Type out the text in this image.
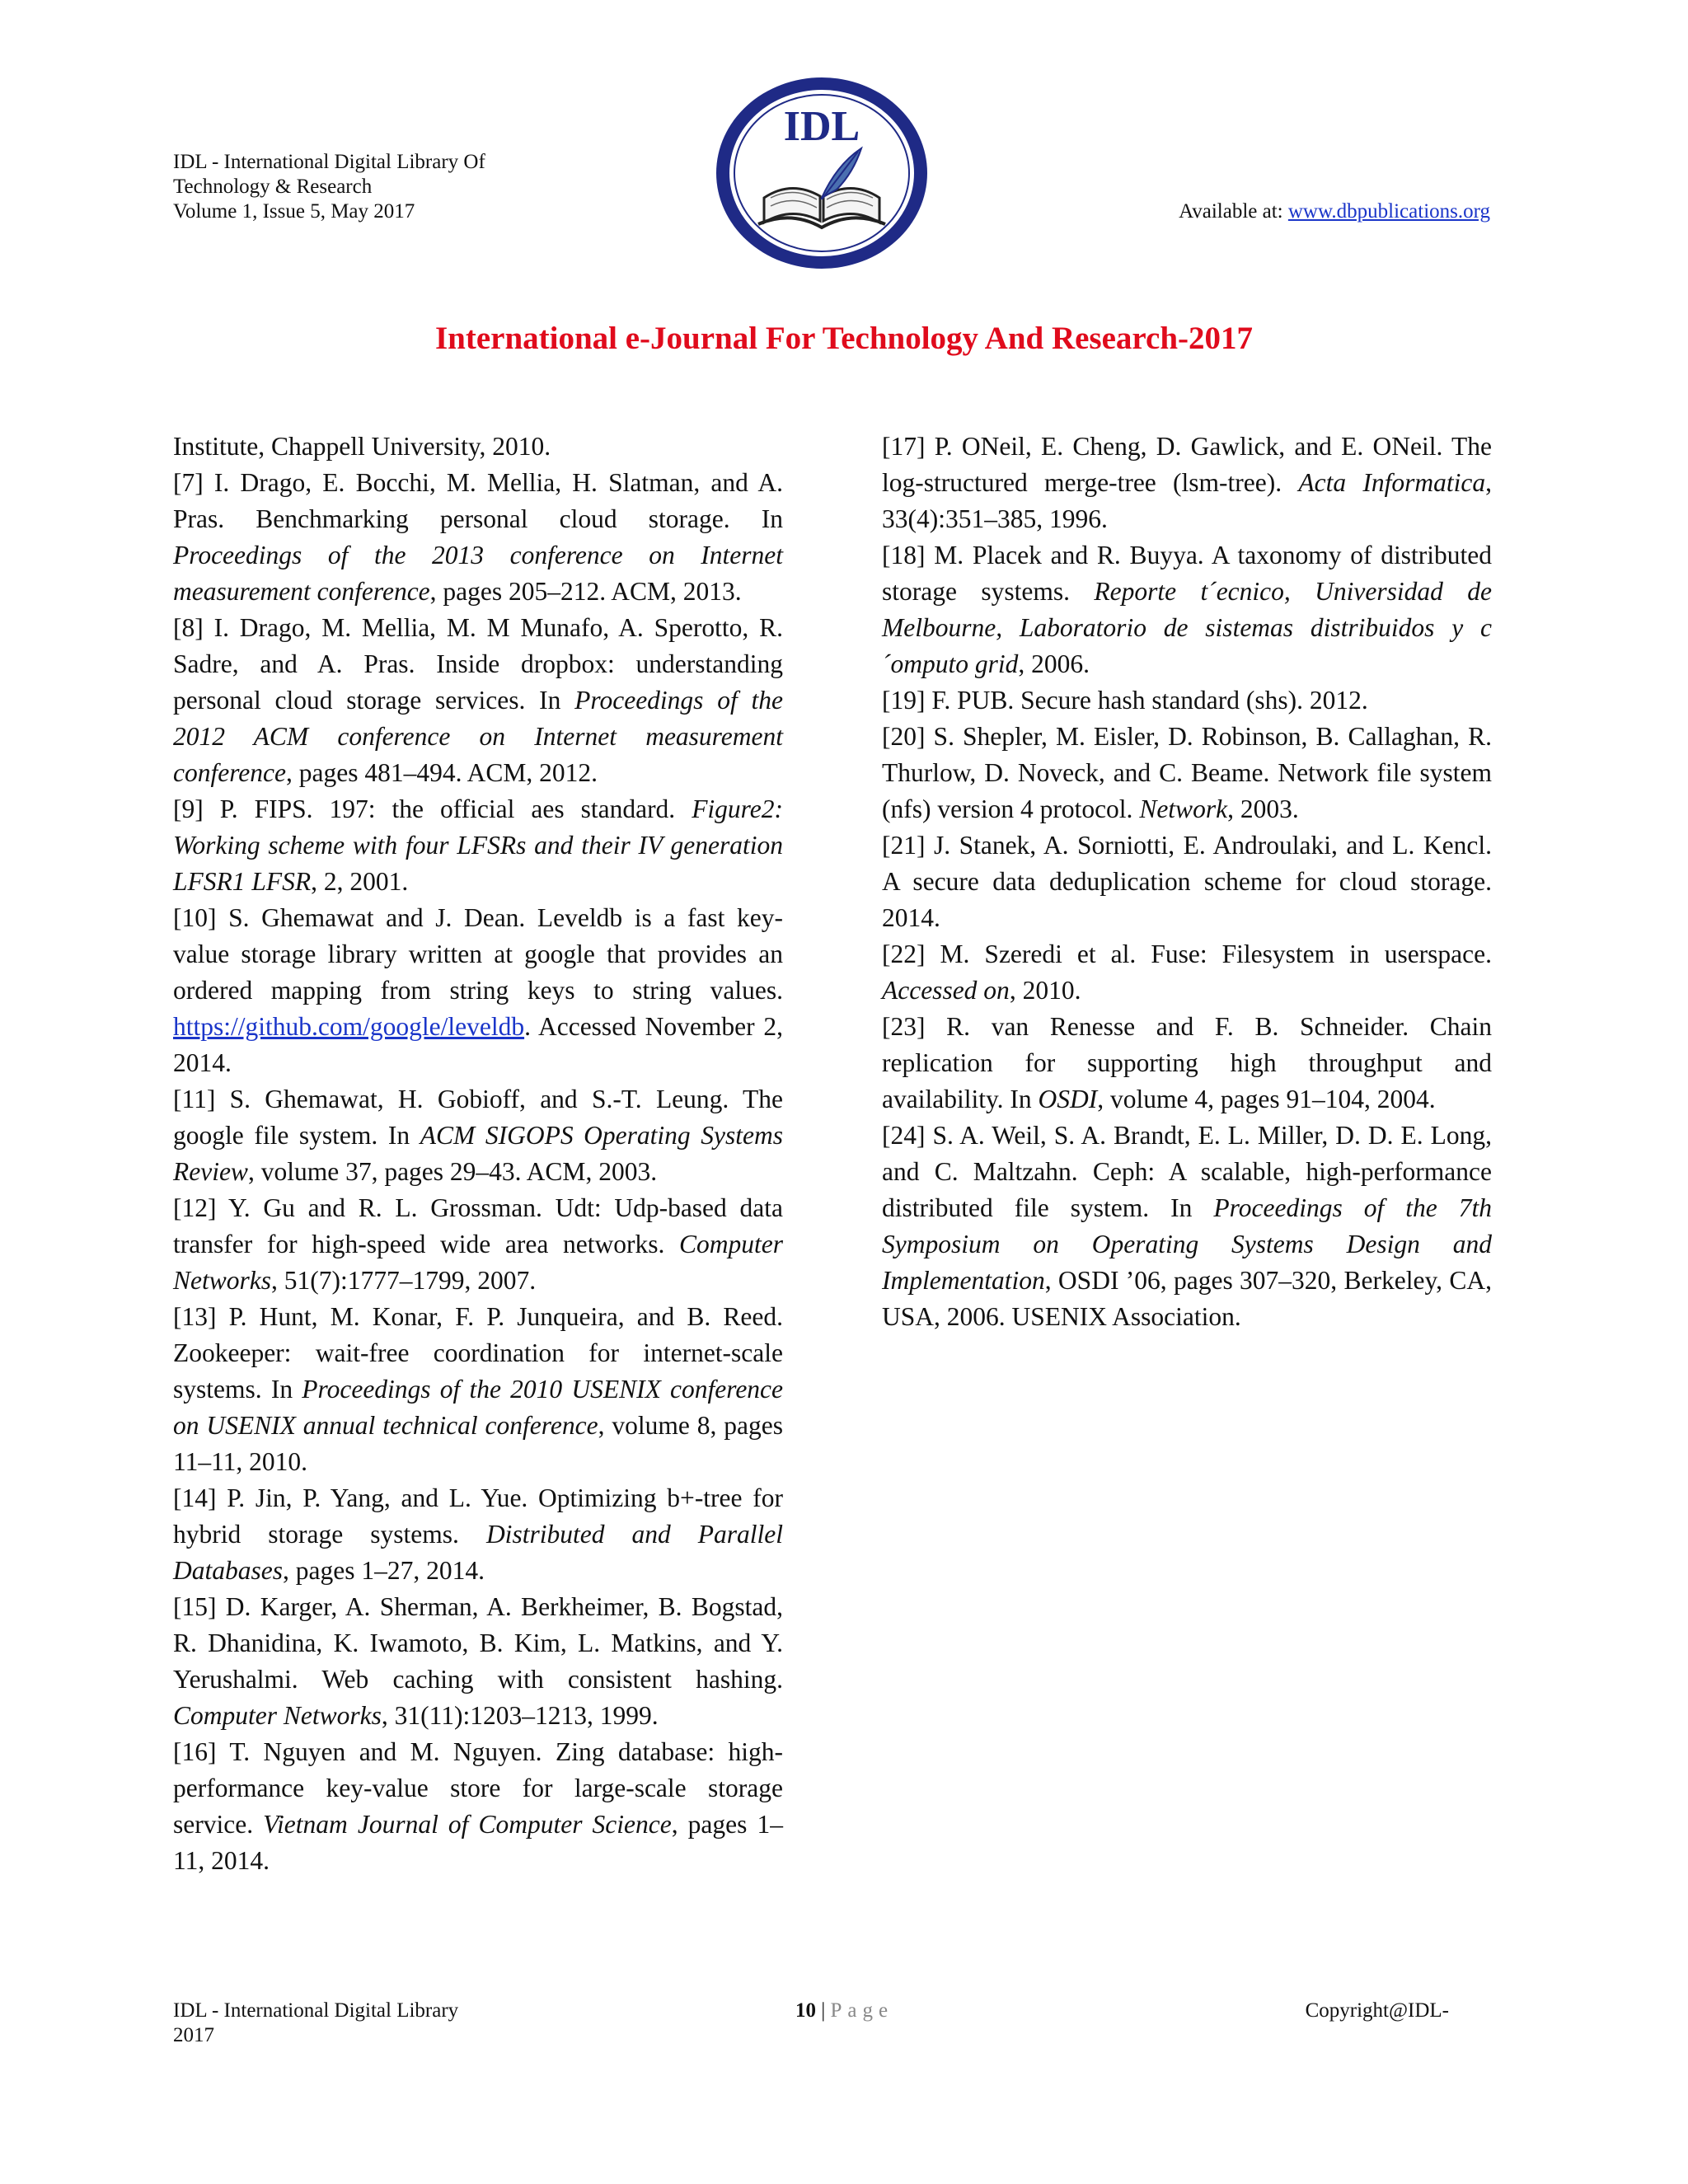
IDL - International Digital Library Of
Technology & Research
Volume 1, Issue 5, May 2017
IDL
Available at: www.dbpublications.org
International e-Journal For Technology And Research-2017

Institute, Chappell University, 2010.

[7] I. Drago, E. Bocchi, M. Mellia, H. Slatman, and A. Pras. Benchmarking personal cloud storage. In Proceedings of the 2013 conference on Internet measurement conference, pages 205–212. ACM, 2013.

[8] I. Drago, M. Mellia, M. M Munafo, A. Sperotto, R. Sadre, and A. Pras. Inside dropbox: understanding personal cloud storage services. In Proceedings of the 2012 ACM conference on Internet measurement conference, pages 481–494. ACM, 2012.

[9] P. FIPS. 197: the official aes standard. Figure2: Working scheme with four LFSRs and their IV generation LFSR1 LFSR, 2, 2001.

[10] S. Ghemawat and J. Dean. Leveldb is a fast key-value storage library written at google that provides an ordered mapping from string keys to string values. https://github.com/google/leveldb. Accessed November 2, 2014.

[11] S. Ghemawat, H. Gobioff, and S.-T. Leung. The google file system. In ACM SIGOPS Operating Systems Review, volume 37, pages 29–43. ACM, 2003.

[12] Y. Gu and R. L. Grossman. Udt: Udp-based data transfer for high-speed wide area networks. Computer Networks, 51(7):1777–1799, 2007.

[13] P. Hunt, M. Konar, F. P. Junqueira, and B. Reed. Zookeeper: wait-free coordination for internet-scale systems. In Proceedings of the 2010 USENIX conference on USENIX annual technical conference, volume 8, pages 11–11, 2010.

[14] P. Jin, P. Yang, and L. Yue. Optimizing b+-tree for hybrid storage systems. Distributed and Parallel Databases, pages 1–27, 2014.

[15] D. Karger, A. Sherman, A. Berkheimer, B. Bogstad, R. Dhanidina, K. Iwamoto, B. Kim, L. Matkins, and Y. Yerushalmi. Web caching with consistent hashing. Computer Networks, 31(11):1203–1213, 1999.

[16] T. Nguyen and M. Nguyen. Zing database: high-performance key-value store for large-scale storage service. Vietnam Journal of Computer Science, pages 1–11, 2014.

[17] P. ONeil, E. Cheng, D. Gawlick, and E. ONeil. The log-structured merge-tree (lsm-tree). Acta Informatica, 33(4):351–385, 1996.

[18] M. Placek and R. Buyya. A taxonomy of distributed storage systems. Reporte t´ecnico, Universidad de Melbourne, Laboratorio de sistemas distribuidos y c´omputo grid, 2006.

[19] F. PUB. Secure hash standard (shs). 2012.

[20] S. Shepler, M. Eisler, D. Robinson, B. Callaghan, R. Thurlow, D. Noveck, and C. Beame. Network file system (nfs) version 4 protocol. Network, 2003.

[21] J. Stanek, A. Sorniotti, E. Androulaki, and L. Kencl. A secure data deduplication scheme for cloud storage. 2014.

[22] M. Szeredi et al. Fuse: Filesystem in userspace. Accessed on, 2010.

[23] R. van Renesse and F. B. Schneider. Chain replication for supporting high throughput and availability. In OSDI, volume 4, pages 91–104, 2004.

[24] S. A. Weil, S. A. Brandt, E. L. Miller, D. D. E. Long, and C. Maltzahn. Ceph: A scalable, high-performance distributed file system. In Proceedings of the 7th Symposium on Operating Systems Design and Implementation, OSDI ’06, pages 307–320, Berkeley, CA, USA, 2006. USENIX Association.

IDL - International Digital Library
2017
10 | Page	Copyright@IDL-
